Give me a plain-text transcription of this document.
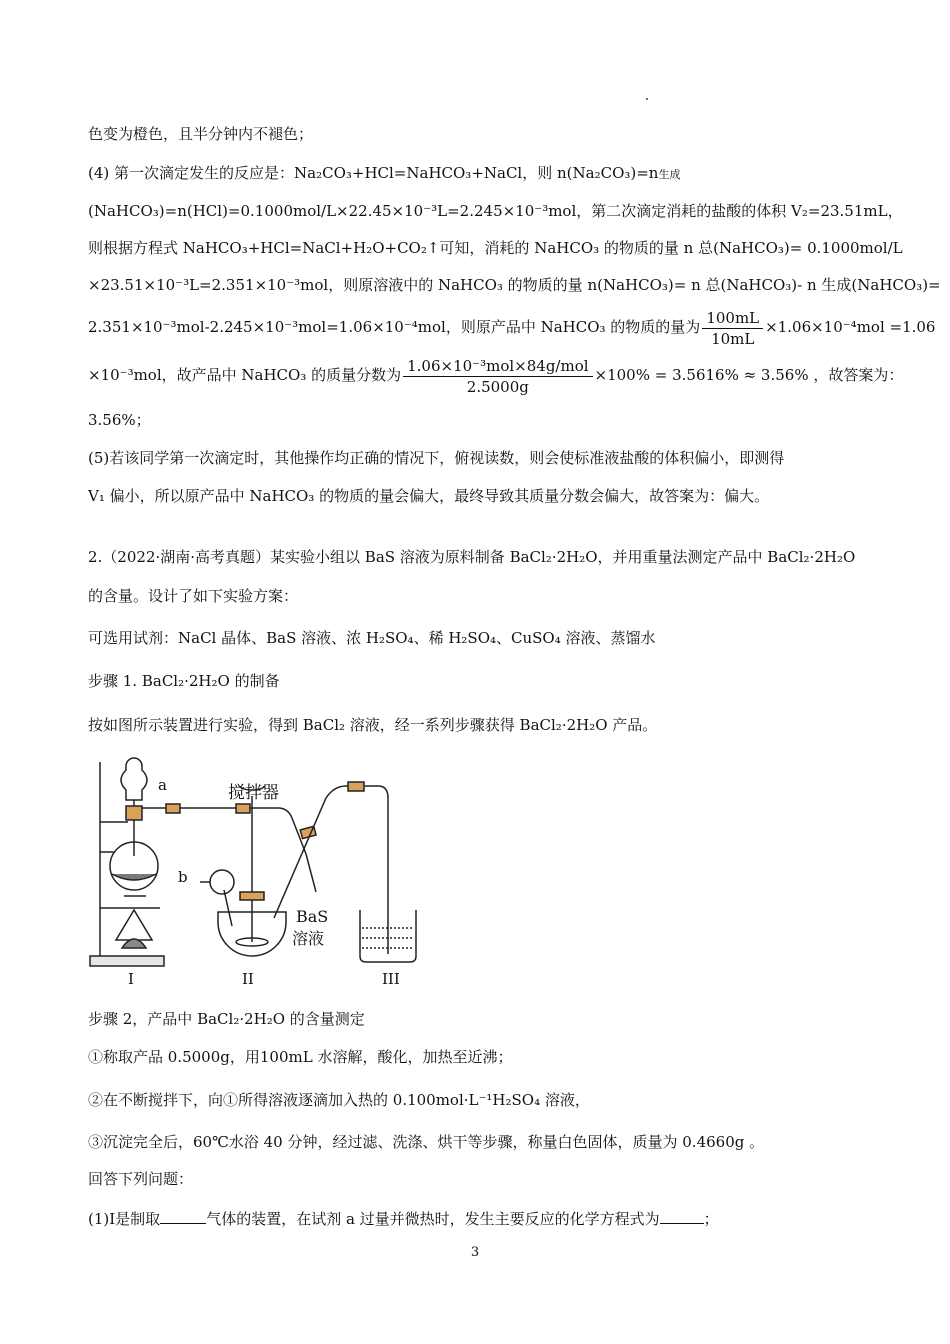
色变为橙色，且半分钟内不褪色；
(4) 第一次滴定发生的反应是：Na₂CO₃+HCl=NaHCO₃+NaCl，则 n(Na₂CO₃)=n生成
(NaHCO₃)=n(HCl)=0.1000mol/L×22.45×10⁻³L=2.245×10⁻³mol，第二次滴定消耗的盐酸的体积 V₂=23.51mL，
则根据方程式 NaHCO₃+HCl=NaCl+H₂O+CO₂↑可知，消耗的 NaHCO₃ 的物质的量 n 总(NaHCO₃)= 0.1000mol/L
×23.51×10⁻³L=2.351×10⁻³mol，则原溶液中的 NaHCO₃ 的物质的量 n(NaHCO₃)= n 总(NaHCO₃)- n 生成(NaHCO₃)=
2.351×10⁻³mol-2.245×10⁻³mol=1.06×10⁻⁴mol，则原产品中 NaHCO₃ 的物质的量为 $\frac{100mL}{10mL} \times 1.06\times 10^{-4}mol =1.06$
×10⁻³mol，故产品中 NaHCO₃ 的质量分数为 $\frac{\text{1.06×10⁻³mol×84g/mol}}{2.5000g} \times 100\% = 3.5616\% \approx 3.56\%$ ，故答案为：
3.56%；
(5)若该同学第一次滴定时，其他操作均正确的情况下，俯视读数，则会使标准液盐酸的体积偏小，即测得
V₁ 偏小，所以原产品中 NaHCO₃ 的物质的量会偏大，最终导致其质量分数会偏大，故答案为：偏大。
2.（2022·湖南·高考真题）某实验小组以 BaS 溶液为原料制备 BaCl₂·2H₂O，并用重量法测定产品中 BaCl₂·2H₂O
的含量。设计了如下实验方案：
可选用试剂：NaCl 晶体、BaS 溶液、浓 H₂SO₄、稀 H₂SO₄、CuSO₄ 溶液、蒸馏水
步骤 1. BaCl₂·2H₂O 的制备
按如图所示装置进行实验，得到 BaCl₂ 溶液，经一系列步骤获得 BaCl₂·2H₂O 产品。
a
b
搅拌器
BaS
溶液
I	II	III
步骤 2，产品中 BaCl₂·2H₂O 的含量测定
①称取产品 0.5000g，用100mL 水溶解，酸化，加热至近沸；
②在不断搅拌下，向①所得溶液逐滴加入热的 0.100mol·L⁻¹H₂SO₄ 溶液，
③沉淀完全后，60℃水浴 40 分钟，经过滤、洗涤、烘干等步骤，称量白色固体，质量为 0.4660g 。
回答下列问题：
(1)I是制取	气体的装置，在试剂 a 过量并微热时，发生主要反应的化学方程式为	；
3
